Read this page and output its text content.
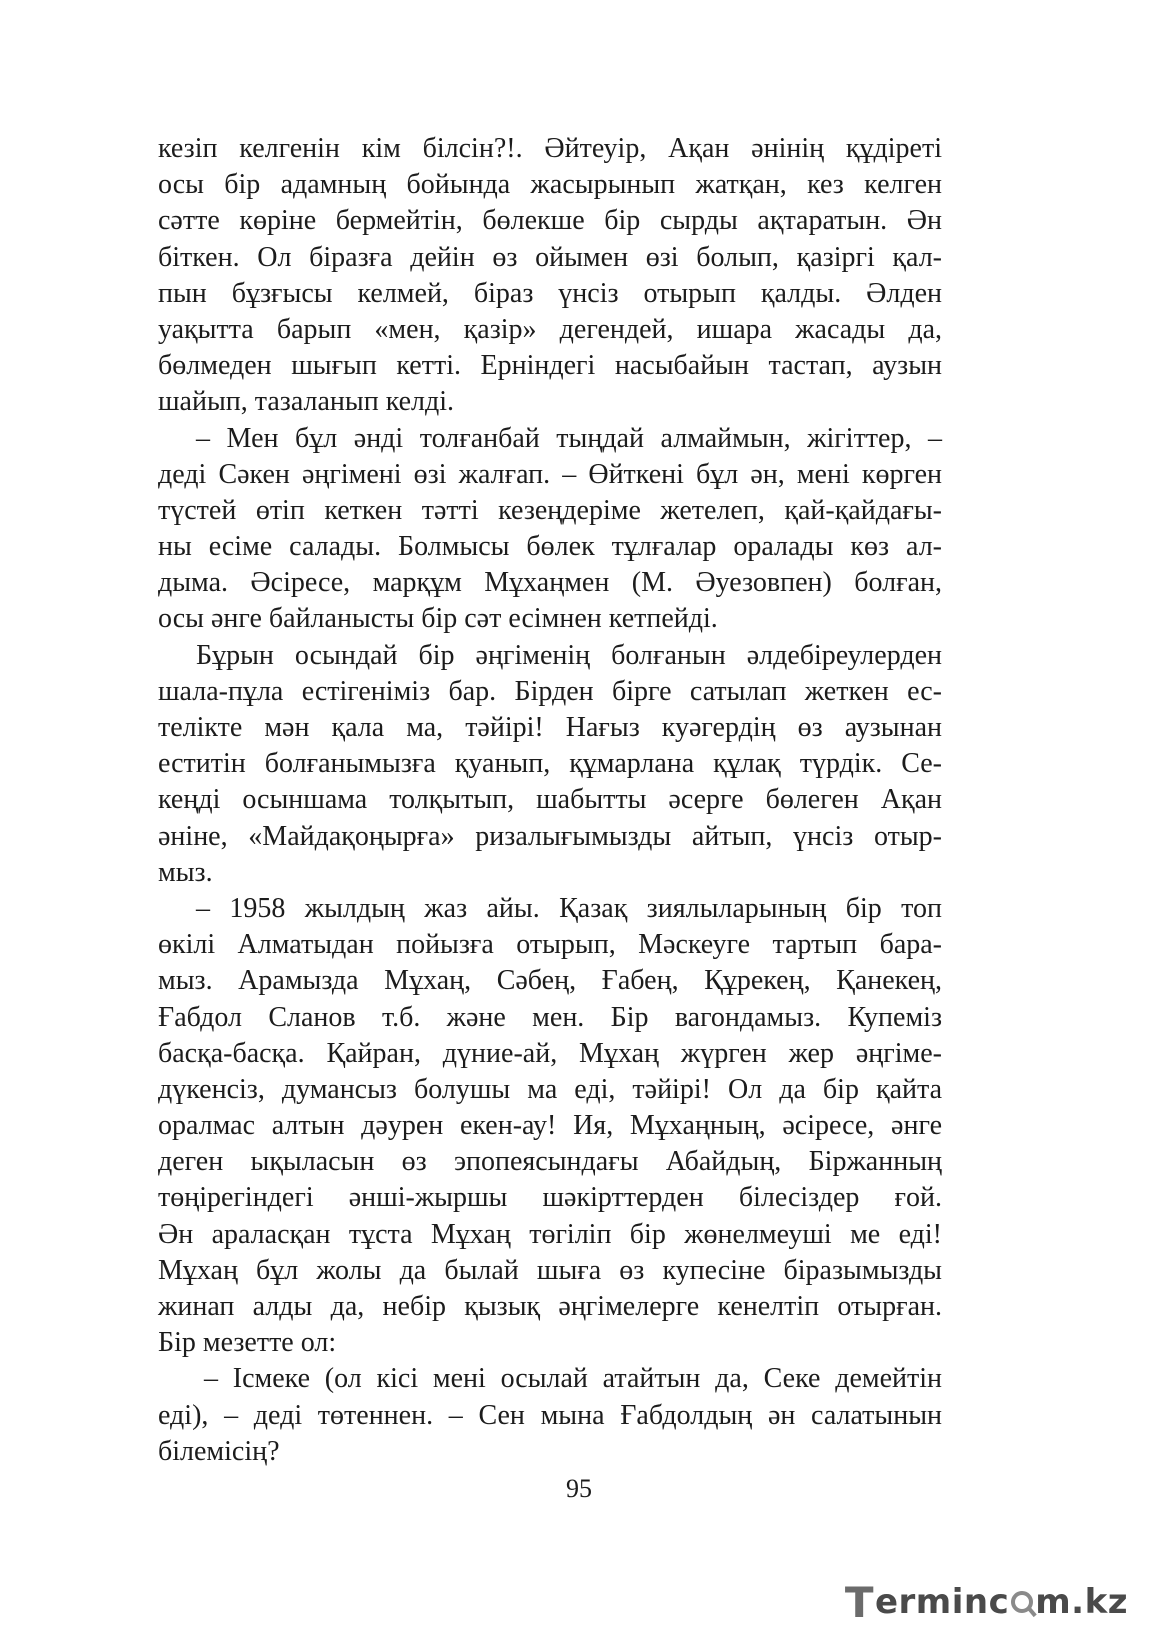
кезіп келгенін кім білсін?!. Әйтеуір, Ақан әнінің құдіреті
осы бір адамның бойында жасырынып жатқан, кез келген
сәтте көріне бермейтін, бөлекше бір сырды ақтаратын. Ән
біткен. Ол біразға дейін өз ойымен өзі болып, қазіргі қал-
пын бұзғысы келмей, біраз үнсіз отырып қалды. Әлден
уақытта барып «мен, қазір» дегендей, ишара жасады да,
бөлмеден шығып кетті. Ерніндегі насыбайын тастап, аузын
шайып, тазаланып келді.
– Мен бұл әнді толғанбай тыңдай алмаймын, жігіттер, –
деді Сәкен әңгімені өзі жалғап. – Өйткені бұл ән, мені көрген
түстей өтіп кеткен тәтті кезеңдеріме жетелеп, қай-қайдағы-
ны есіме салады. Болмысы бөлек тұлғалар оралады көз ал-
дыма. Әсіресе, марқұм Мұхаңмен (М. Әуезовпен) болған,
осы әнге байланысты бір сәт есімнен кетпейді.
Бұрын осындай бір әңгіменің болғанын әлдебіреулерден
шала-пұла естігеніміз бар. Бірден бірге сатылап жеткен ес-
телікте мән қала ма, тәйірі! Нағыз куәгердің өз аузынан
еститін болғанымызға қуанып, құмарлана құлақ түрдік. Се-
кеңді осыншама толқытып, шабытты әсерге бөлеген Ақан
әніне, «Майдақоңырға» ризалығымызды айтып, үнсіз отыр-
мыз.
– 1958 жылдың жаз айы. Қазақ зиялыларының бір топ
өкілі Алматыдан пойызға отырып, Мәскеуге тартып бара-
мыз. Арамызда Мұхаң, Сәбең, Ғабең, Құрекең, Қанекең,
Ғабдол Сланов т.б. және мен. Бір вагондамыз. Купеміз
басқа-басқа. Қайран, дүние-ай, Мұхаң жүрген жер әңгіме-
дүкенсіз, думансыз болушы ма еді, тәйірі! Ол да бір қайта
оралмас алтын дәурен екен-ау! Ия, Мұхаңның, әсіресе, әнге
деген ықыласын өз эпопеясындағы Абайдың, Біржанның
төңірегіндегі әнші-жыршы шәкірттерден білесіздер ғой.
Ән араласқан тұста Мұхаң төгіліп бір жөнелмеуші ме еді!
Мұхаң бұл жолы да былай шыға өз купесіне біразымызды
жинап алды да, небір қызық әңгімелерге кенелтіп отырған.
Бір мезетте ол:
– Ісмеке (ол кісі мені осылай атайтын да, Секе демейтін
еді), – деді төтеннен. – Сен мына Ғабдолдың ән салатынын
білемісің?
95
T erminc m.kz
